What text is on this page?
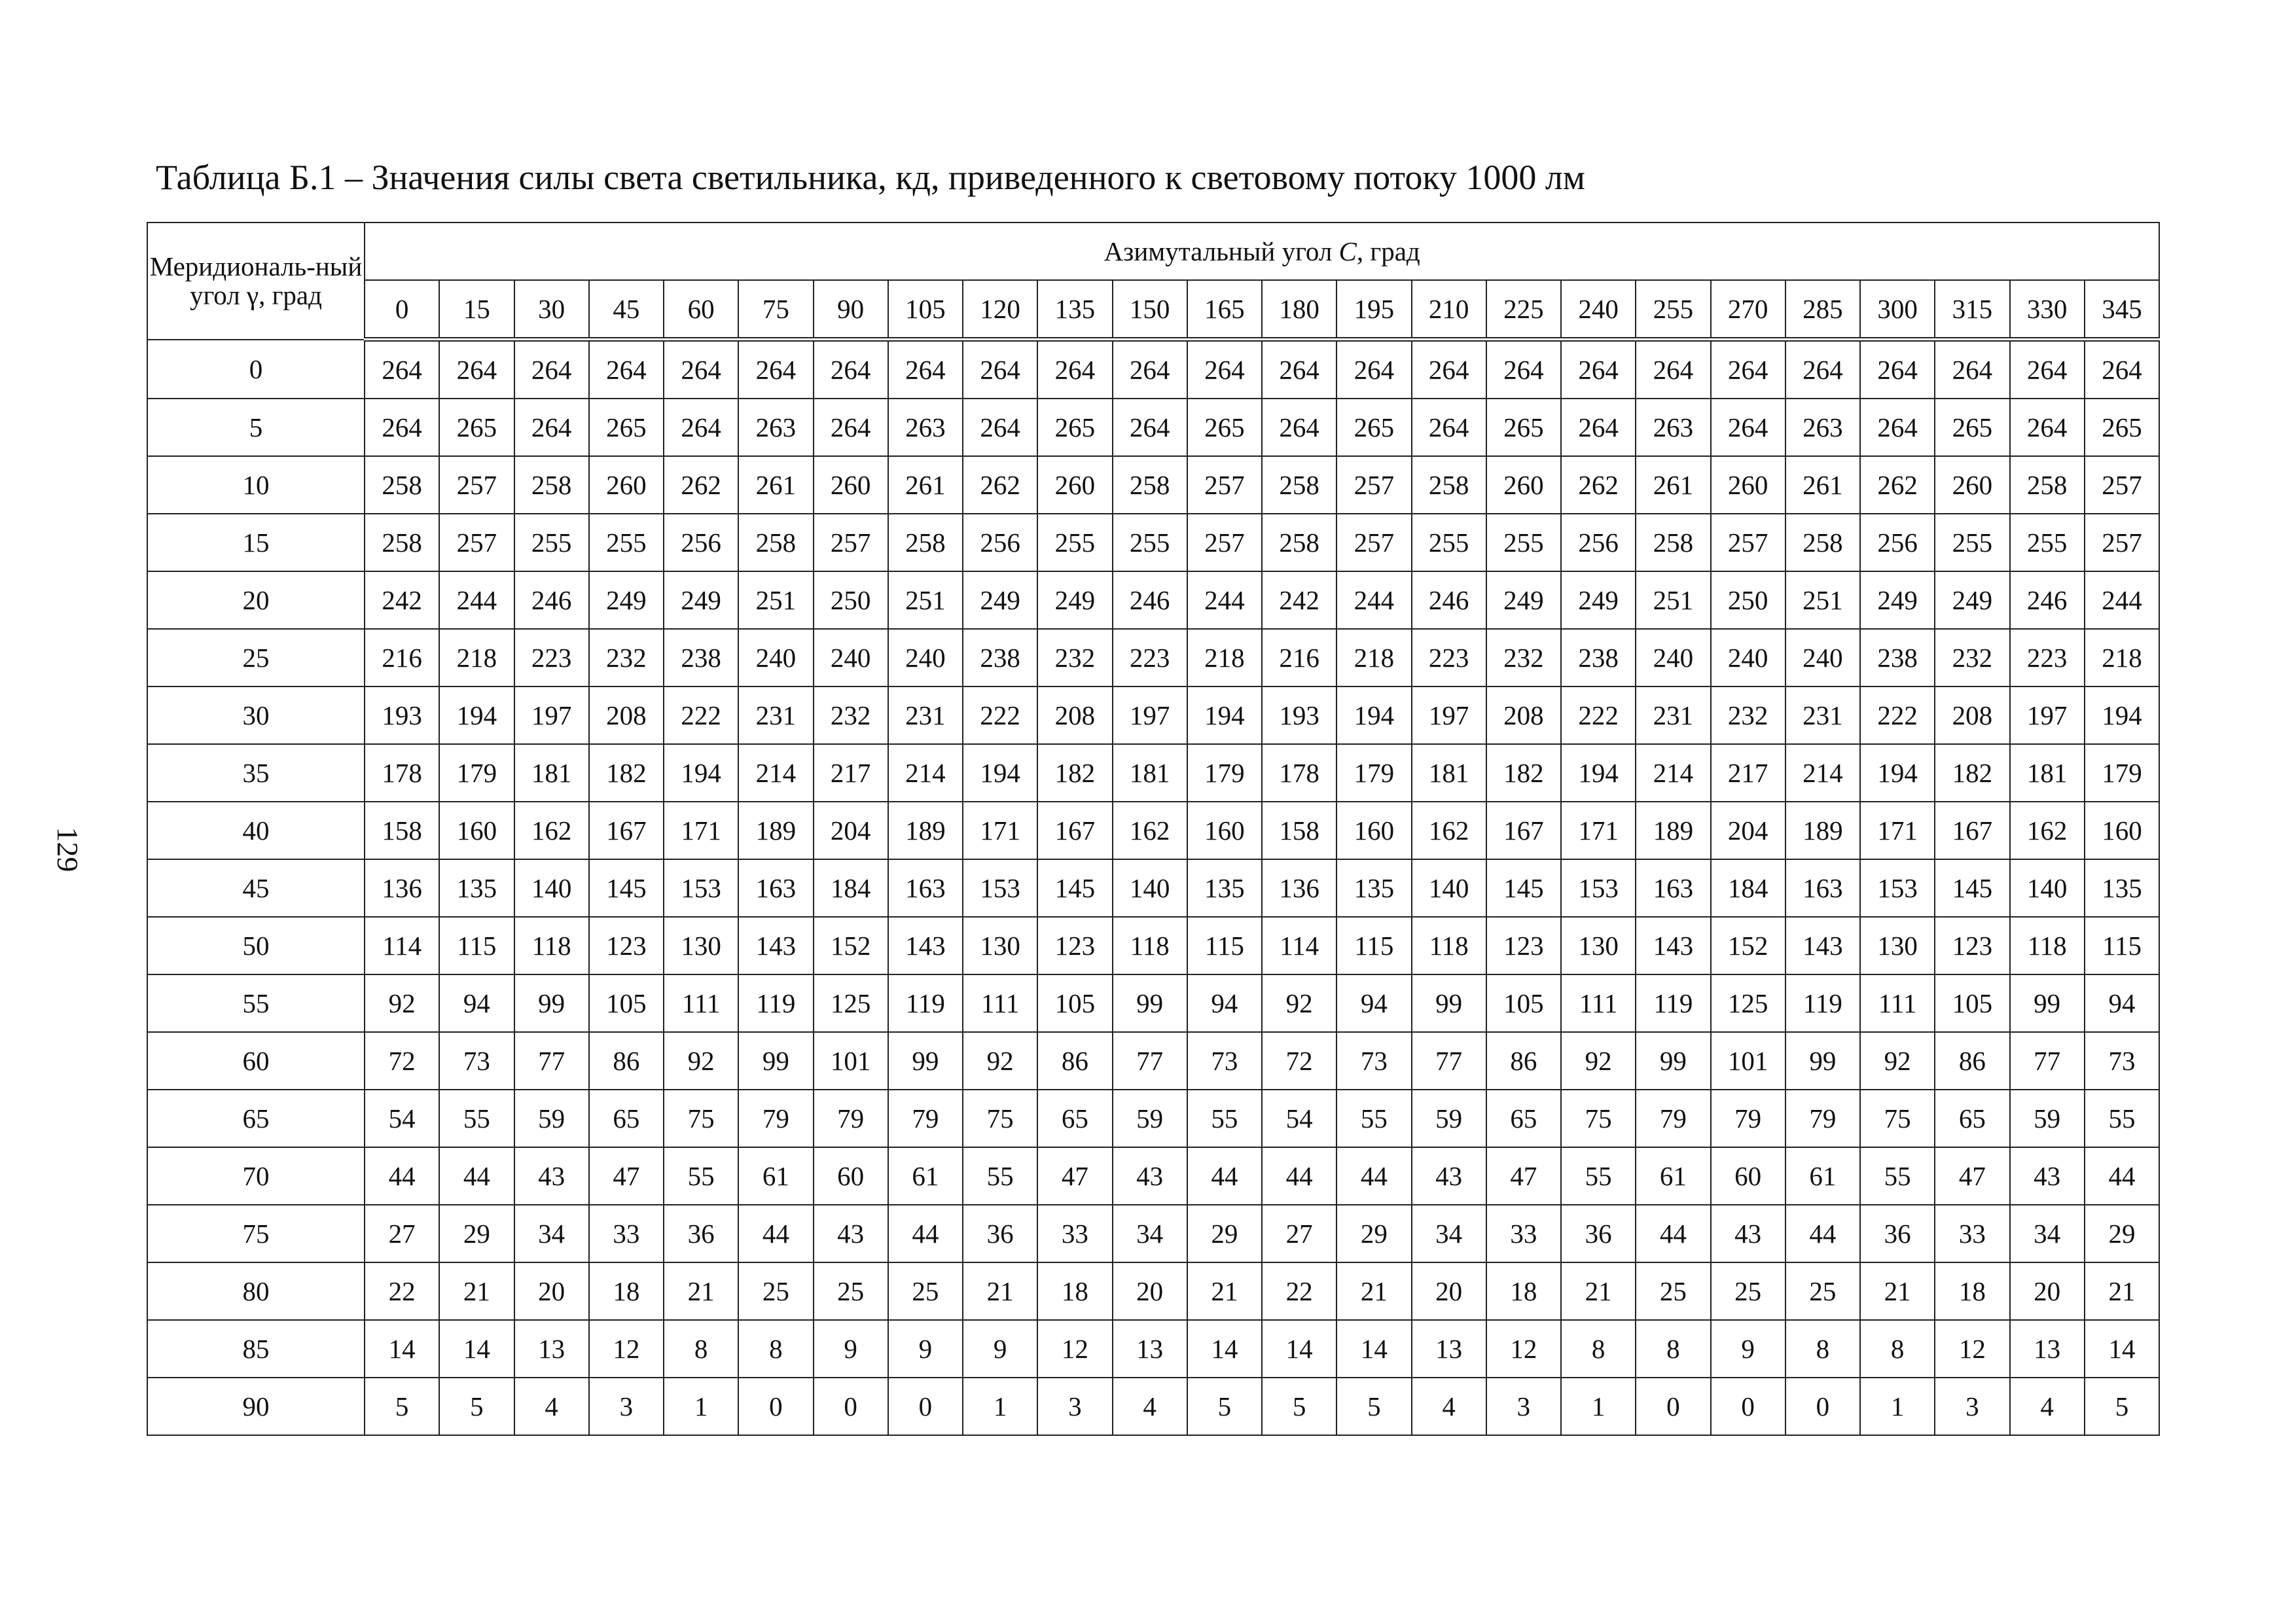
129
Таблица Б.1 – Значения силы света светильника, кд, приведенного к световому потоку 1000 лм
Меридиональ-ный угол γ, град	Азимутальный угол C, град																							
	0	15	30	45	60	75	90	105	120	135	150	165	180	195	210	225	240	255	270	285	300	315	330	345
0	264	264	264	264	264	264	264	264	264	264	264	264	264	264	264	264	264	264	264	264	264	264	264	264
5	264	265	264	265	264	263	264	263	264	265	264	265	264	265	264	265	264	263	264	263	264	265	264	265
10	258	257	258	260	262	261	260	261	262	260	258	257	258	257	258	260	262	261	260	261	262	260	258	257
15	258	257	255	255	256	258	257	258	256	255	255	257	258	257	255	255	256	258	257	258	256	255	255	257
20	242	244	246	249	249	251	250	251	249	249	246	244	242	244	246	249	249	251	250	251	249	249	246	244
25	216	218	223	232	238	240	240	240	238	232	223	218	216	218	223	232	238	240	240	240	238	232	223	218
30	193	194	197	208	222	231	232	231	222	208	197	194	193	194	197	208	222	231	232	231	222	208	197	194
35	178	179	181	182	194	214	217	214	194	182	181	179	178	179	181	182	194	214	217	214	194	182	181	179
40	158	160	162	167	171	189	204	189	171	167	162	160	158	160	162	167	171	189	204	189	171	167	162	160
45	136	135	140	145	153	163	184	163	153	145	140	135	136	135	140	145	153	163	184	163	153	145	140	135
50	114	115	118	123	130	143	152	143	130	123	118	115	114	115	118	123	130	143	152	143	130	123	118	115
55	92	94	99	105	111	119	125	119	111	105	99	94	92	94	99	105	111	119	125	119	111	105	99	94
60	72	73	77	86	92	99	101	99	92	86	77	73	72	73	77	86	92	99	101	99	92	86	77	73
65	54	55	59	65	75	79	79	79	75	65	59	55	54	55	59	65	75	79	79	79	75	65	59	55
70	44	44	43	47	55	61	60	61	55	47	43	44	44	44	43	47	55	61	60	61	55	47	43	44
75	27	29	34	33	36	44	43	44	36	33	34	29	27	29	34	33	36	44	43	44	36	33	34	29
80	22	21	20	18	21	25	25	25	21	18	20	21	22	21	20	18	21	25	25	25	21	18	20	21
85	14	14	13	12	8	8	9	9	9	12	13	14	14	14	13	12	8	8	9	8	8	12	13	14
90	5	5	4	3	1	0	0	0	1	3	4	5	5	5	4	3	1	0	0	0	1	3	4	5
